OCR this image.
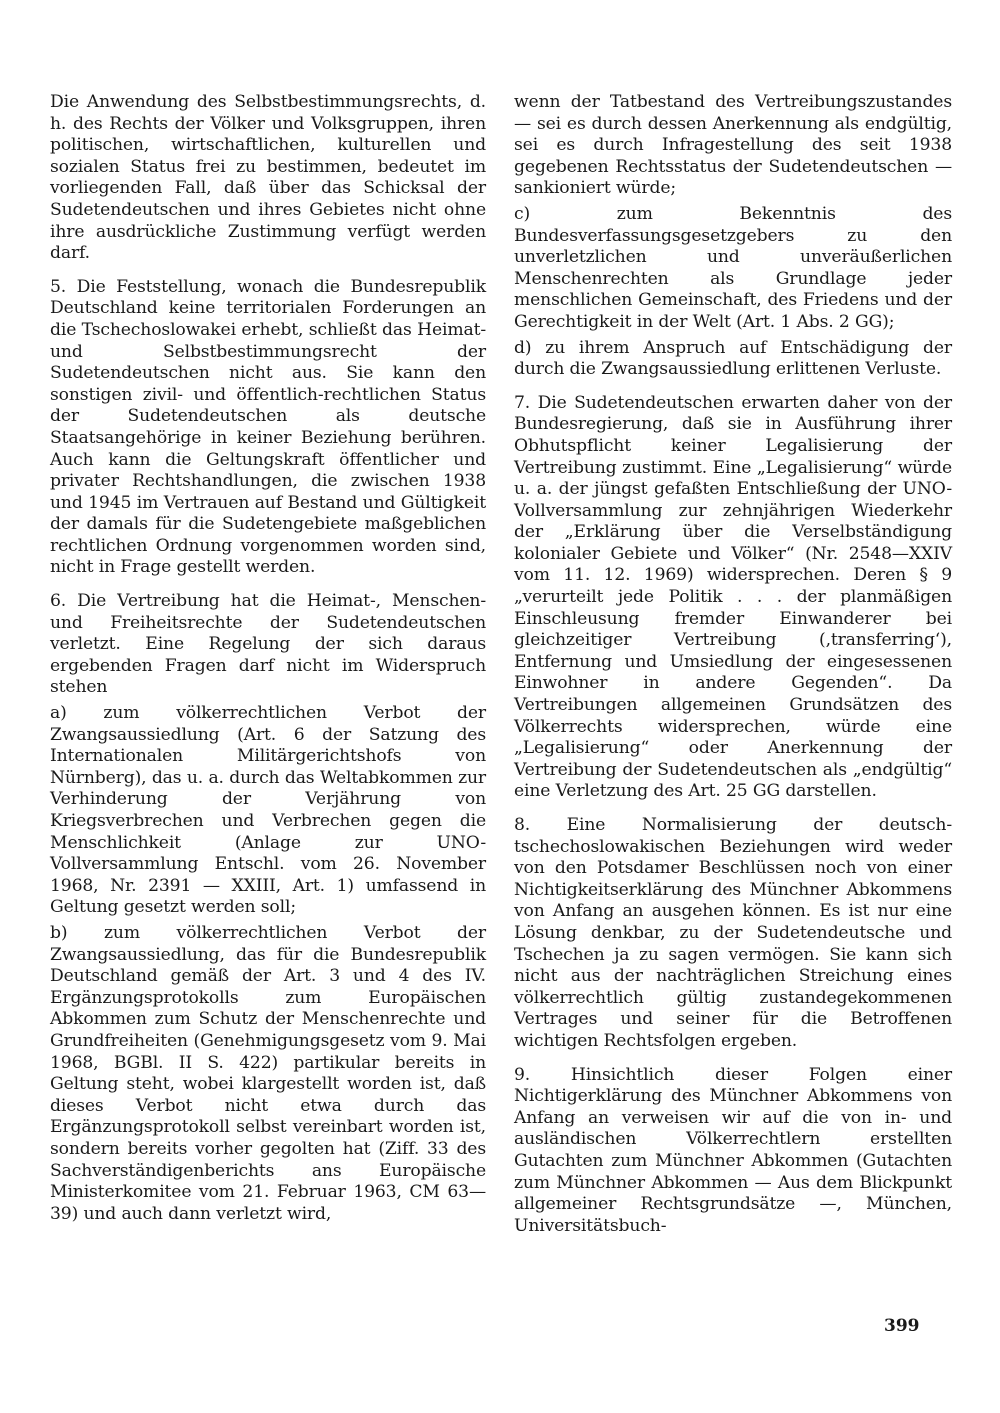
Die Anwendung des Selbstbestimmungsrechts, d. h. des Rechts der Völker und Volksgruppen, ihren politischen, wirtschaftlichen, kulturellen und sozialen Status frei zu bestimmen, bedeutet im vorliegenden Fall, daß über das Schicksal der Sudetendeutschen und ihres Gebietes nicht ohne ihre ausdrückliche Zustimmung verfügt werden darf.

5. Die Feststellung, wonach die Bundesrepublik Deutschland keine territorialen Forderungen an die Tschechoslowakei erhebt, schließt das Heimat- und Selbstbestimmungsrecht der Sudetendeutschen nicht aus. Sie kann den sonstigen zivil- und öffentlich-rechtlichen Status der Sudetendeutschen als deutsche Staatsangehörige in keiner Beziehung berühren. Auch kann die Geltungskraft öffentlicher und privater Rechtshandlungen, die zwischen 1938 und 1945 im Vertrauen auf Bestand und Gültigkeit der damals für die Sudetengebiete maßgeblichen rechtlichen Ordnung vorgenommen worden sind, nicht in Frage gestellt werden.

6. Die Vertreibung hat die Heimat-, Menschen- und Freiheitsrechte der Sudetendeutschen verletzt. Eine Regelung der sich daraus ergebenden Fragen darf nicht im Widerspruch stehen

a) zum völkerrechtlichen Verbot der Zwangsaussiedlung (Art. 6 der Satzung des Internationalen Militärgerichtshofs von Nürnberg), das u. a. durch das Weltabkommen zur Verhinderung der Verjährung von Kriegsverbrechen und Verbrechen gegen die Menschlichkeit (Anlage zur UNO-Vollversammlung Entschl. vom 26. November 1968, Nr. 2391 — XXIII, Art. 1) umfassend in Geltung gesetzt werden soll;

b) zum völkerrechtlichen Verbot der Zwangsaussiedlung, das für die Bundesrepublik Deutschland gemäß der Art. 3 und 4 des IV. Ergänzungsprotokolls zum Europäischen Abkommen zum Schutz der Menschenrechte und Grundfreiheiten (Genehmigungsgesetz vom 9. Mai 1968, BGBl. II S. 422) partikular bereits in Geltung steht, wobei klargestellt worden ist, daß dieses Verbot nicht etwa durch das Ergänzungsprotokoll selbst vereinbart worden ist, sondern bereits vorher gegolten hat (Ziff. 33 des Sachverständigenberichts ans Europäische Ministerkomitee vom 21. Februar 1963, CM 63—39) und auch dann verletzt wird,

wenn der Tatbestand des Vertreibungszustandes — sei es durch dessen Anerkennung als endgültig, sei es durch Infragestellung des seit 1938 gegebenen Rechtsstatus der Sudetendeutschen — sankioniert würde;

c) zum Bekenntnis des Bundesverfassungsgesetzgebers zu den unverletzlichen und unveräußerlichen Menschenrechten als Grundlage jeder menschlichen Gemeinschaft, des Friedens und der Gerechtigkeit in der Welt (Art. 1 Abs. 2 GG);

d) zu ihrem Anspruch auf Entschädigung der durch die Zwangsaussiedlung erlittenen Verluste.

7. Die Sudetendeutschen erwarten daher von der Bundesregierung, daß sie in Ausführung ihrer Obhutspflicht keiner Legalisierung der Vertreibung zustimmt. Eine „Legalisierung“ würde u. a. der jüngst gefaßten Entschließung der UNO-Vollversammlung zur zehnjährigen Wiederkehr der „Erklärung über die Verselbständigung kolonialer Gebiete und Völker“ (Nr. 2548—XXIV vom 11. 12. 1969) widersprechen. Deren § 9 „verurteilt jede Politik . . . der planmäßigen Einschleusung fremder Einwanderer bei gleichzeitiger Vertreibung (‚transferring‘), Entfernung und Umsiedlung der eingesessenen Einwohner in andere Gegenden“. Da Vertreibungen allgemeinen Grundsätzen des Völkerrechts widersprechen, würde eine „Legalisierung“ oder Anerkennung der Vertreibung der Sudetendeutschen als „endgültig“ eine Verletzung des Art. 25 GG darstellen.

8. Eine Normalisierung der deutsch-tschechoslowakischen Beziehungen wird weder von den Potsdamer Beschlüssen noch von einer Nichtigkeitserklärung des Münchner Abkommens von Anfang an ausgehen können. Es ist nur eine Lösung denkbar, zu der Sudetendeutsche und Tschechen ja zu sagen vermögen. Sie kann sich nicht aus der nachträglichen Streichung eines völkerrechtlich gültig zustandegekommenen Vertrages und seiner für die Betroffenen wichtigen Rechtsfolgen ergeben.

9. Hinsichtlich dieser Folgen einer Nichtigerklärung des Münchner Abkommens von Anfang an verweisen wir auf die von in- und ausländischen Völkerrechtlern erstellten Gutachten zum Münchner Abkommen (Gutachten zum Münchner Abkommen — Aus dem Blickpunkt allgemeiner Rechtsgrundsätze —, München, Universitätsbuch-

399
